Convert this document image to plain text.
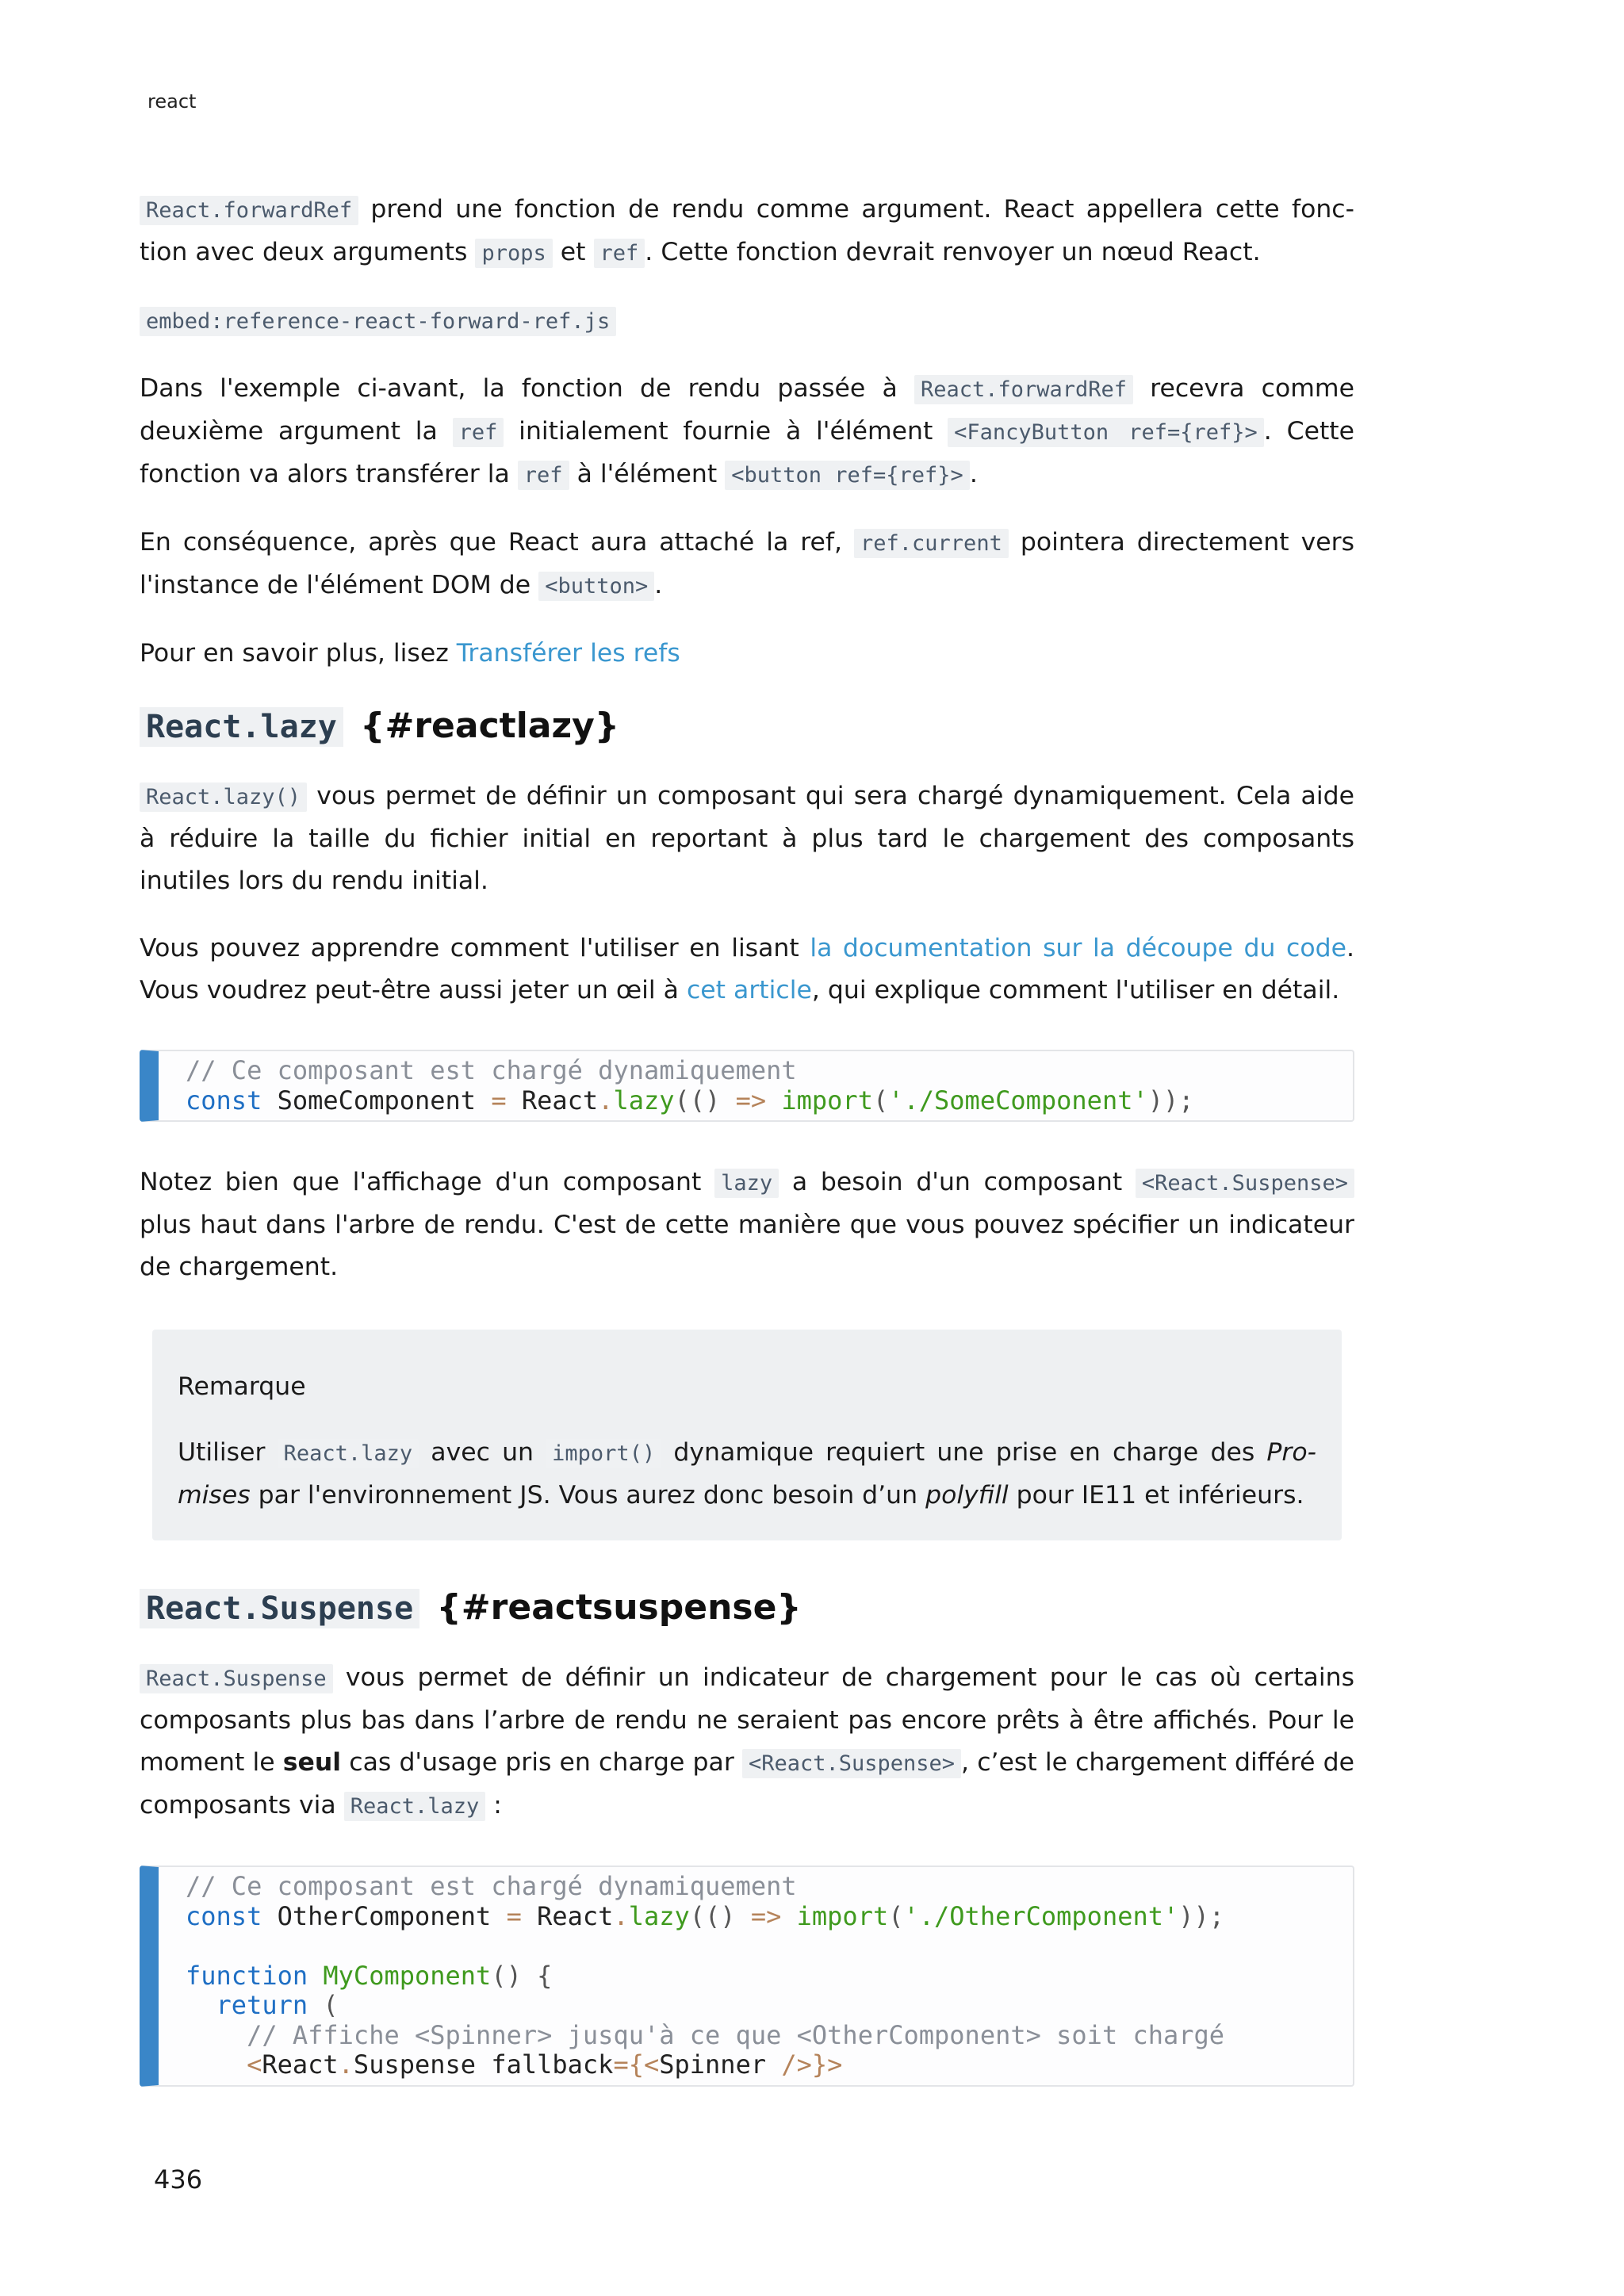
react

React.forwardRef prend une fonction de rendu comme argument. React appellera cette fonc-tion avec deux arguments props et ref . Cette fonction devrait renvoyer un nœud React.

embed:reference-react-forward-ref.js

Dans l'exemple ci-avant, la fonction de rendu passée à React.forwardRef recevra comme deuxième argument la ref initialement fournie à l'élément <FancyButton ref={ref}> . Cette fonction va alors transférer la ref à l'élément <button ref={ref}> .

En conséquence, après que React aura attaché la ref, ref.current pointera directement vers l'instance de l'élément DOM de <button> .

Pour en savoir plus, lisez Transférer les refs

React.lazy {#reactlazy}

React.lazy() vous permet de définir un composant qui sera chargé dynamiquement. Cela aide à réduire la taille du fichier initial en reportant à plus tard le chargement des composants inutiles lors du rendu initial.

Vous pouvez apprendre comment l'utiliser en lisant la documentation sur la découpe du code. Vous voudrez peut-être aussi jeter un œil à cet article, qui explique comment l'utiliser en détail.

// Ce composant est chargé dynamiquement
const SomeComponent = React.lazy(() => import('./SomeComponent'));

Notez bien que l'affichage d'un composant lazy a besoin d'un composant <React.Suspense> plus haut dans l'arbre de rendu. C'est de cette manière que vous pouvez spécifier un indicateur de chargement.

Remarque

Utiliser React.lazy avec un import() dynamique requiert une prise en charge des Pro-mises par l'environnement JS. Vous aurez donc besoin d’un polyfill pour IE11 et inférieurs.

React.Suspense {#reactsuspense}

React.Suspense vous permet de définir un indicateur de chargement pour le cas où certains composants plus bas dans l’arbre de rendu ne seraient pas encore prêts à être affichés. Pour le moment le seul cas d'usage pris en charge par <React.Suspense> , c’est le chargement différé de composants via React.lazy :

// Ce composant est chargé dynamiquement
const OtherComponent = React.lazy(() => import('./OtherComponent'));
function MyComponent() {
return (
// Affiche <Spinner> jusqu'à ce que <OtherComponent> soit chargé
<React.Suspense fallback={<Spinner />}>
436
